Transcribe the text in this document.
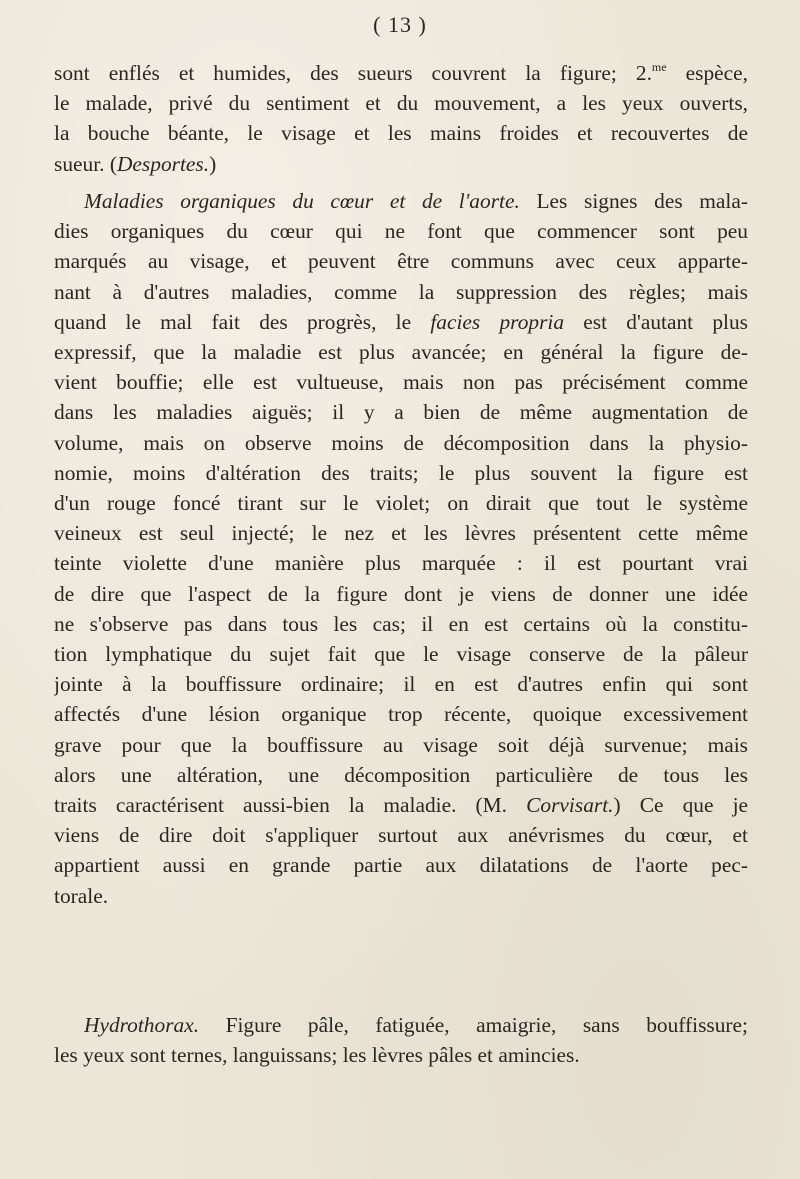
( 13 )
sont enflés et humides, des sueurs couvrent la figure; 2.$^{me}$ espèce,
le malade, privé du sentiment et du mouvement, a les yeux ouverts,
la bouche béante, le visage et les mains froides et recouvertes de
sueur. (Desportes.)
Maladies organiques du cœur et de l'aorte. Les signes des mala-
dies organiques du cœur qui ne font que commencer sont peu
marqués au visage, et peuvent être communs avec ceux apparte-
nant à d'autres maladies, comme la suppression des règles; mais
quand le mal fait des progrès, le facies propria est d'autant plus
expressif, que la maladie est plus avancée; en général la figure de-
vient bouffie; elle est vultueuse, mais non pas précisément comme
dans les maladies aiguës; il y a bien de même augmentation de
volume, mais on observe moins de décomposition dans la physio-
nomie, moins d'altération des traits; le plus souvent la figure est
d'un rouge foncé tirant sur le violet; on dirait que tout le système
veineux est seul injecté; le nez et les lèvres présentent cette même
teinte violette d'une manière plus marquée : il est pourtant vrai
de dire que l'aspect de la figure dont je viens de donner une idée
ne s'observe pas dans tous les cas; il en est certains où la constitu-
tion lymphatique du sujet fait que le visage conserve de la pâleur
jointe à la bouffissure ordinaire; il en est d'autres enfin qui sont
affectés d'une lésion organique trop récente, quoique excessivement
grave pour que la bouffissure au visage soit déjà survenue; mais
alors une altération, une décomposition particulière de tous les
traits caractérisent aussi-bien la maladie. (M. Corvisart.) Ce que je
viens de dire doit s'appliquer surtout aux anévrismes du cœur, et
appartient aussi en grande partie aux dilatations de l'aorte pec-
torale.
Hydrothorax. Figure pâle, fatiguée, amaigrie, sans bouffissure;
les yeux sont ternes, languissans; les lèvres pâles et amincies.
